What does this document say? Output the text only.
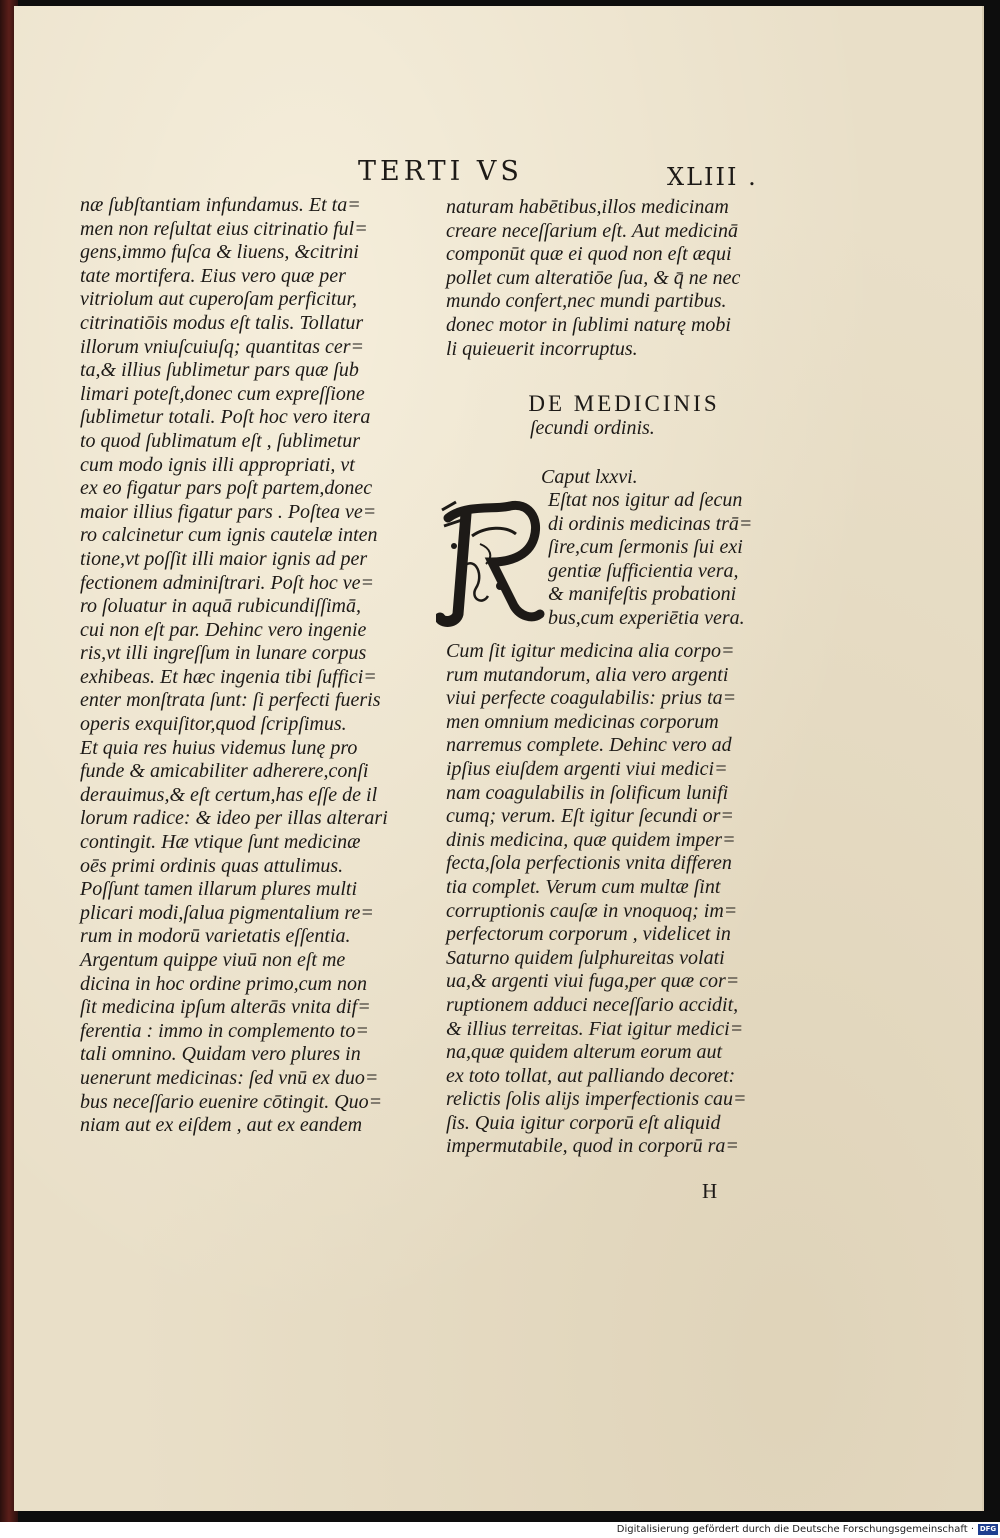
TERTI VS	XLIII .
næ ſubſtantiam infundamus. Et ta=
men non reſultat eius citrinatio ful=
gens,immo fuſca & liuens, &citrini
tate mortifera. Eius vero quæ per
vitriolum aut cuperoſam perficitur,
citrinatiōis modus eſt talis. Tollatur
illorum vniuſcuiuſq; quantitas cer=
ta,& illius ſublimetur pars quæ ſub
limari poteſt,donec cum expreſſione
ſublimetur totali. Poſt hoc vero itera
to quod ſublimatum eſt , ſublimetur
cum modo ignis illi appropriati, vt
ex eo figatur pars poſt partem,donec
maior illius figatur pars . Poſtea ve=
ro calcinetur cum ignis cautelæ inten
tione,vt poſſit illi maior ignis ad per
fectionem adminiſtrari. Poſt hoc ve=
ro ſoluatur in aquā rubicundiſſimā,
cui non eſt par. Dehinc vero ingenie
ris,vt illi ingreſſum in lunare corpus
exhibeas. Et hæc ingenia tibi ſuffici=
enter monſtrata ſunt: ſi perfecti fueris
operis exquiſitor,quod ſcripſimus.
Et quia res huius videmus lunę pro
funde & amicabiliter adherere,conſi
derauimus,& eſt certum,has eſſe de il
lorum radice: & ideo per illas alterari
contingit. Hæ vtique ſunt medicinæ
oēs primi ordinis quas attulimus.
Poſſunt tamen illarum plures multi
plicari modi,ſalua pigmentalium re=
rum in modorū varietatis eſſentia.
Argentum quippe viuū non eſt me
dicina in hoc ordine primo,cum non
ſit medicina ipſum alterās vnita dif=
ferentia : immo in complemento to=
tali omnino. Quidam vero plures in
uenerunt medicinas: ſed vnū ex duo=
bus neceſſario euenire cōtingit. Quo=
niam aut ex eiſdem , aut ex eandem
naturam habētibus,illos medicinam
creare neceſſarium eſt. Aut medicinā
componūt quæ ei quod non eſt æqui
pollet cum alteratiōe ſua, & q̄ ne nec
mundo confert,nec mundi partibus.
donec motor in ſublimi naturę mobi
li quieuerit incorruptus.
DE MEDICINIS
ſecundi ordinis.
Caput lxxvi.
Eſtat nos igitur ad ſecun
di ordinis medicinas trā=
ſire,cum ſermonis ſui exi
gentiæ ſufficientia vera,
& manifeſtis probationi
bus,cum experiētia vera.
Cum ſit igitur medicina alia corpo=
rum mutandorum, alia vero argenti
viui perfecte coagulabilis: prius ta=
men omnium medicinas corporum
narremus complete. Dehinc vero ad
ipſius eiuſdem argenti viui medici=
nam coagulabilis in ſolificum lunifi
cumq; verum. Eſt igitur ſecundi or=
dinis medicina, quæ quidem imper=
fecta,ſola perfectionis vnita differen
tia complet. Verum cum multæ ſint
corruptionis cauſæ in vnoquoq; im=
perfectorum corporum , videlicet in
Saturno quidem ſulphureitas volati
ua,& argenti viui fuga,per quæ cor=
ruptionem adduci neceſſario accidit,
& illius terreitas. Fiat igitur medici=
na,quæ quidem alterum eorum aut
ex toto tollat, aut palliando decoret:
relictis ſolis alijs imperfectionis cau=
ſis. Quia igitur corporū eſt aliquid
impermutabile, quod in corporū ra=
H
Digitalisierung gefördert durch die Deutsche Forschungsgemeinschaft · DFG
